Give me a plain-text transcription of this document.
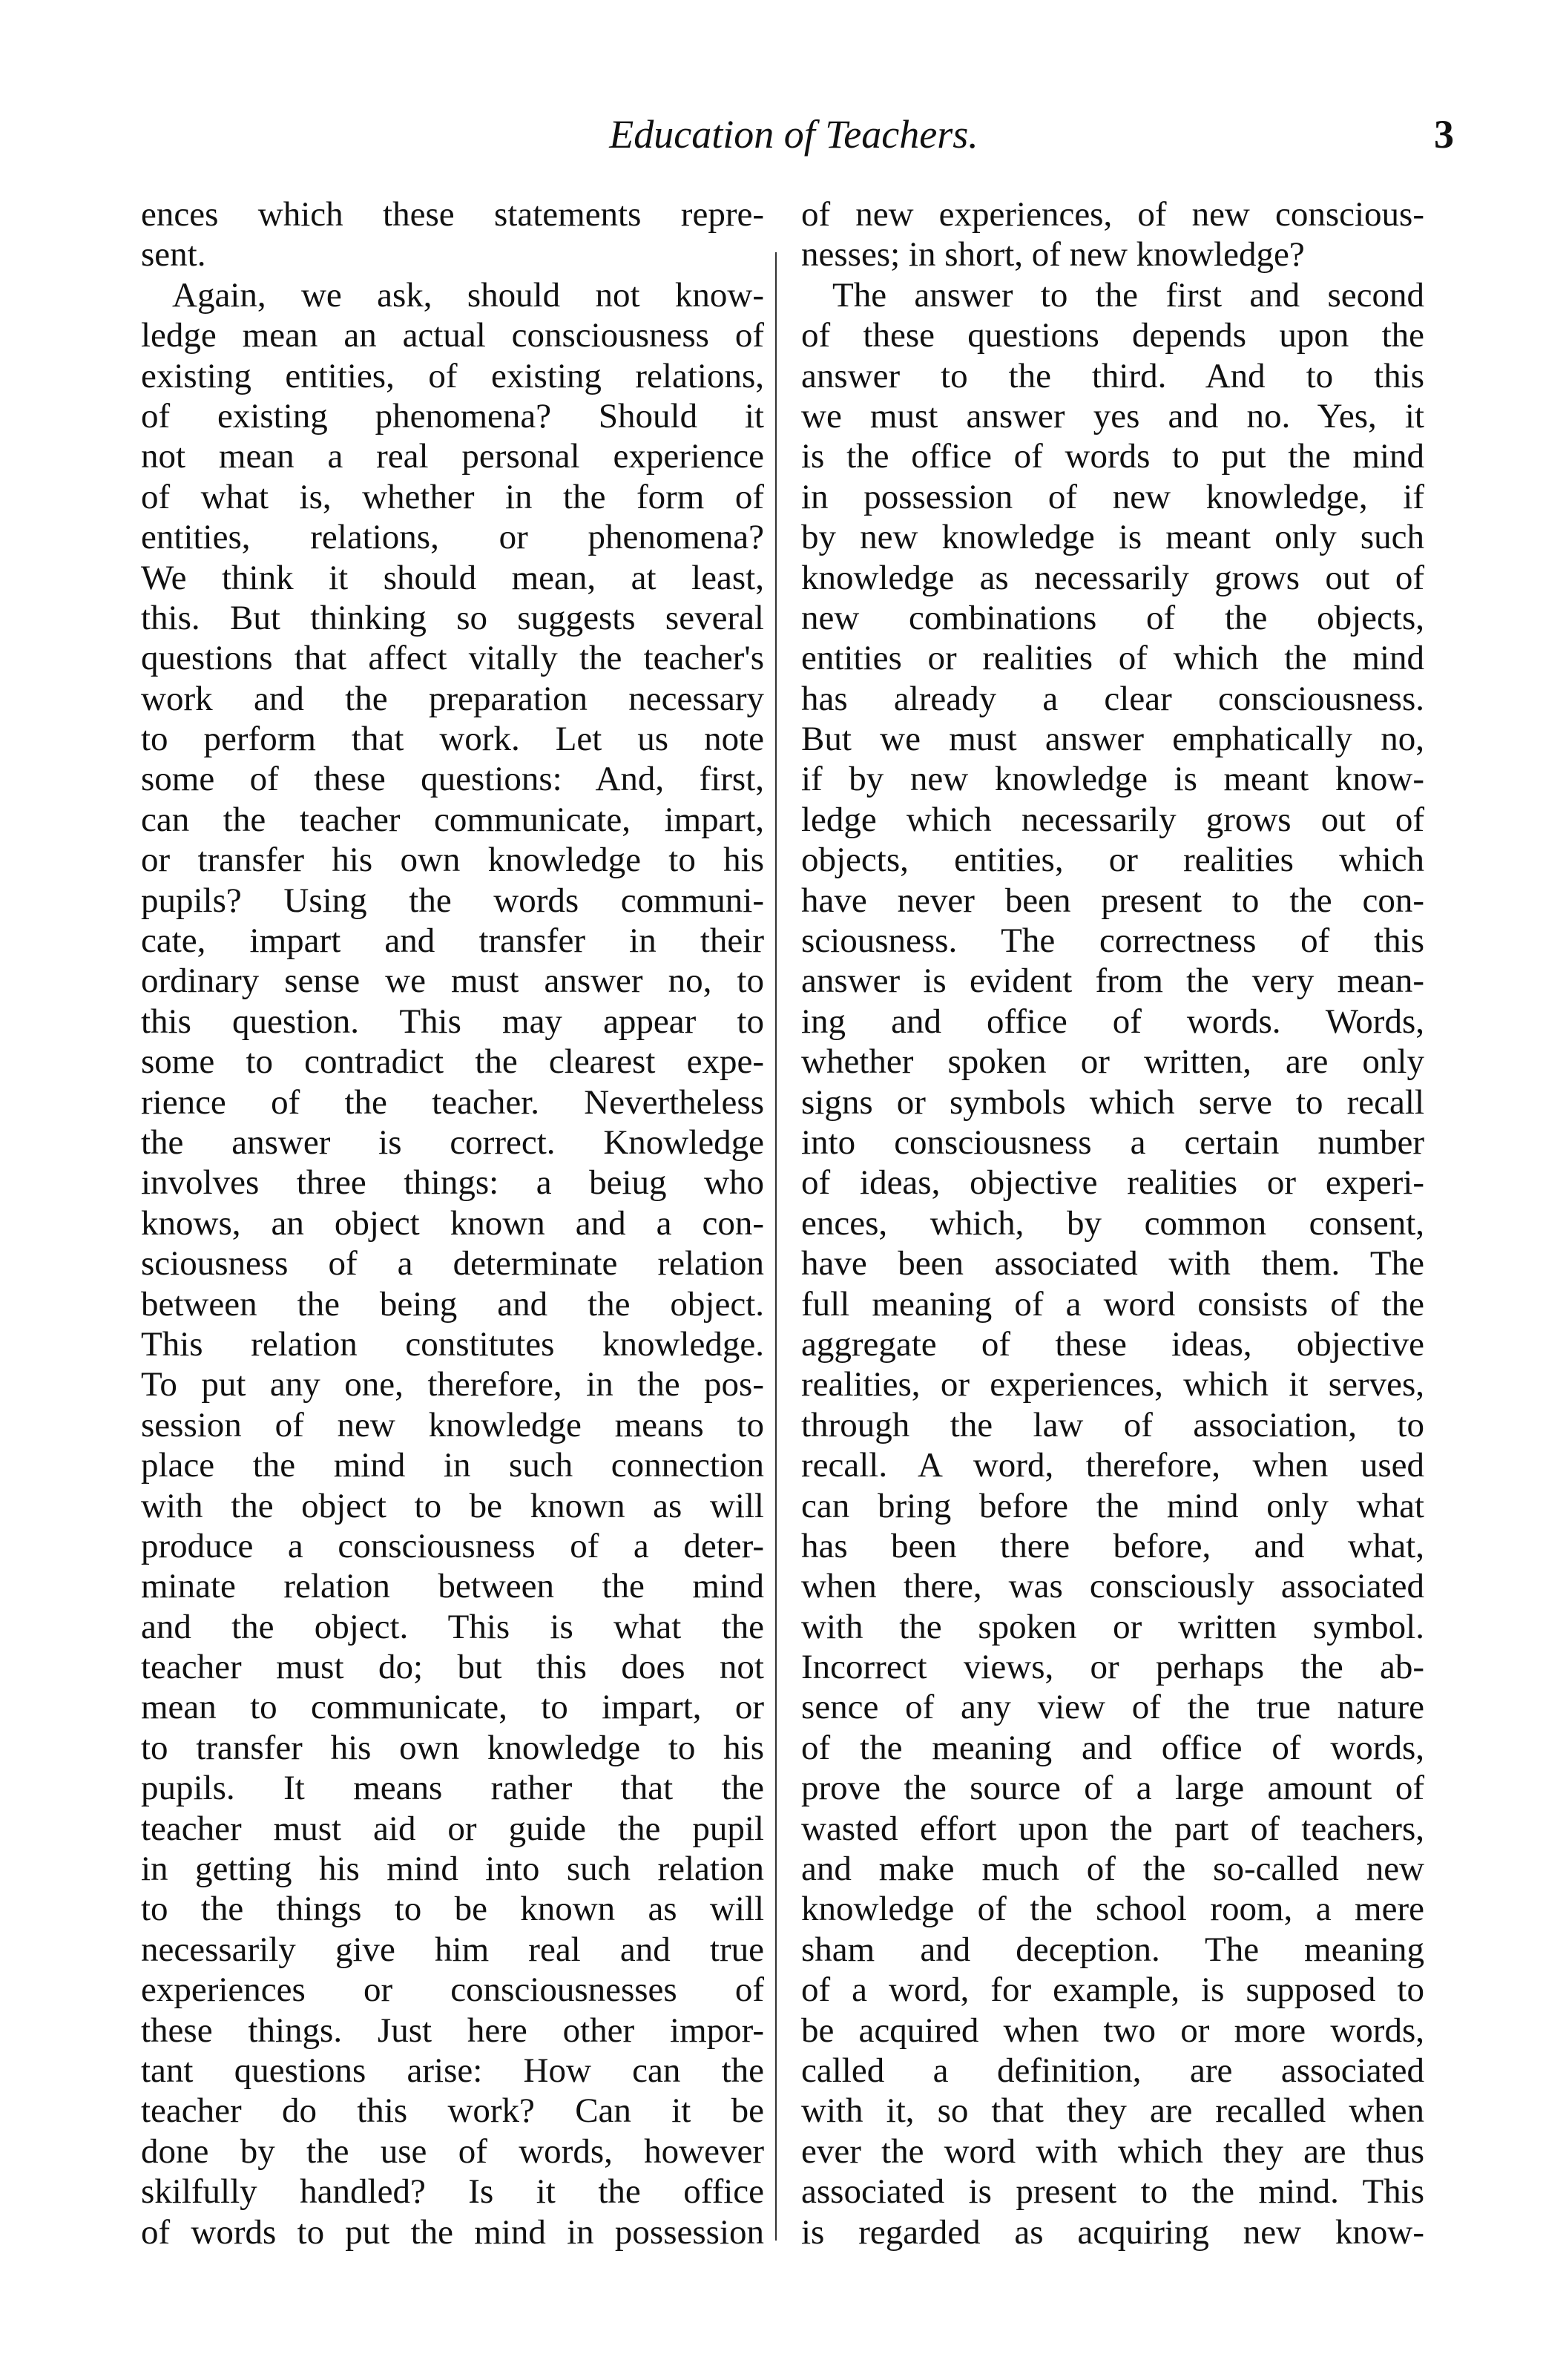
Education of Teachers.	3
ences which these statements repre-
sent.
Again, we ask, should not know-
ledge mean an actual consciousness of
existing entities, of existing relations,
of existing phenomena? Should it
not mean a real personal experience
of what is, whether in the form of
entities, relations, or phenomena?
We think it should mean, at least,
this. But thinking so suggests several
questions that affect vitally the teacher's
work and the preparation necessary
to perform that work. Let us note
some of these questions: And, first,
can the teacher communicate, impart,
or transfer his own knowledge to his
pupils? Using the words communi-
cate, impart and transfer in their
ordinary sense we must answer no, to
this question. This may appear to
some to contradict the clearest expe-
rience of the teacher. Nevertheless
the answer is correct. Knowledge
involves three things: a beiug who
knows, an object known and a con-
sciousness of a determinate relation
between the being and the object.
This relation constitutes knowledge.
To put any one, therefore, in the pos-
session of new knowledge means to
place the mind in such connection
with the object to be known as will
produce a consciousness of a deter-
minate relation between the mind
and the object. This is what the
teacher must do; but this does not
mean to communicate, to impart, or
to transfer his own knowledge to his
pupils. It means rather that the
teacher must aid or guide the pupil
in getting his mind into such relation
to the things to be known as will
necessarily give him real and true
experiences or consciousnesses of
these things. Just here other impor-
tant questions arise: How can the
teacher do this work? Can it be
done by the use of words, however
skilfully handled? Is it the office
of words to put the mind in possession
of new experiences, of new conscious-
nesses; in short, of new knowledge?
The answer to the first and second
of these questions depends upon the
answer to the third. And to this
we must answer yes and no. Yes, it
is the office of words to put the mind
in possession of new knowledge, if
by new knowledge is meant only such
knowledge as necessarily grows out of
new combinations of the objects,
entities or realities of which the mind
has already a clear consciousness.
But we must answer emphatically no,
if by new knowledge is meant know-
ledge which necessarily grows out of
objects, entities, or realities which
have never been present to the con-
sciousness. The correctness of this
answer is evident from the very mean-
ing and office of words. Words,
whether spoken or written, are only
signs or symbols which serve to recall
into consciousness a certain number
of ideas, objective realities or experi-
ences, which, by common consent,
have been associated with them. The
full meaning of a word consists of the
aggregate of these ideas, objective
realities, or experiences, which it serves,
through the law of association, to
recall. A word, therefore, when used
can bring before the mind only what
has been there before, and what,
when there, was consciously associated
with the spoken or written symbol.
Incorrect views, or perhaps the ab-
sence of any view of the true nature
of the meaning and office of words,
prove the source of a large amount of
wasted effort upon the part of teachers,
and make much of the so-called new
knowledge of the school room, a mere
sham and deception. The meaning
of a word, for example, is supposed to
be acquired when two or more words,
called a definition, are associated
with it, so that they are recalled when
ever the word with which they are thus
associated is present to the mind. This
is regarded as acquiring new know-
